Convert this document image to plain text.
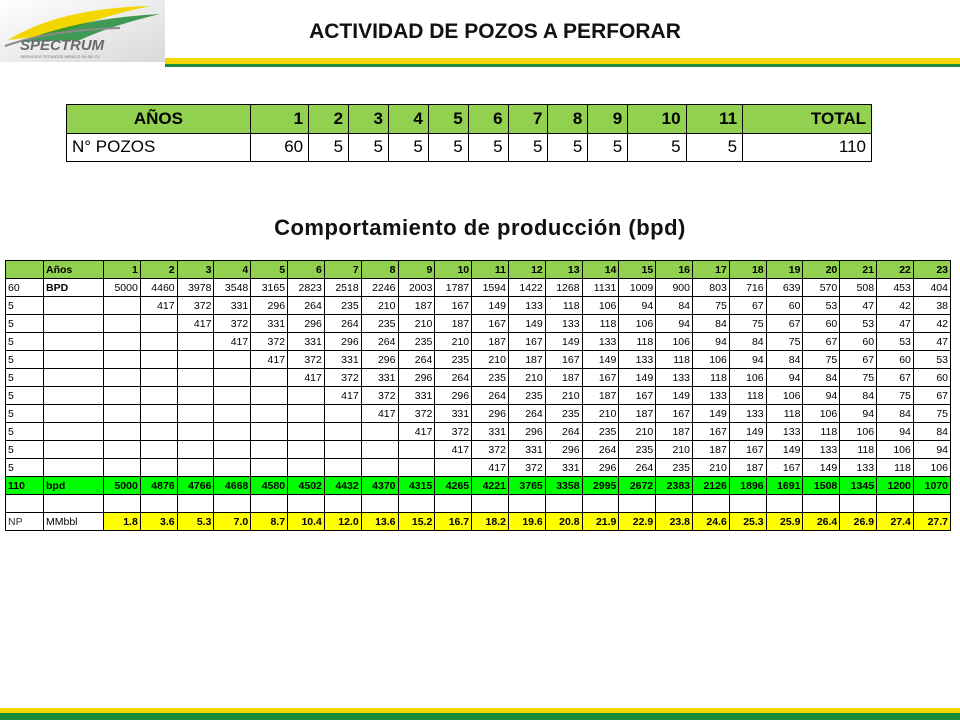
SPECTRUM
SERVICIOS TECNICOS MEXICO SA DE CV
ACTIVIDAD DE POZOS A PERFORAR
AÑOS	1	2	3	4	5	6	7	8	9	10	11	TOTAL
N° POZOS	60	5	5	5	5	5	5	5	5	5	5	110
Comportamiento de producción (bpd)
	Años	1	2	3	4	5	6	7	8	9	10	11	12	13	14	15	16	17	18	19	20	21	22	23
60	BPD	5000	4460	3978	3548	3165	2823	2518	2246	2003	1787	1594	1422	1268	1131	1009	900	803	716	639	570	508	453	404
5			417	372	331	296	264	235	210	187	167	149	133	118	106	94	84	75	67	60	53	47	42	38
5				417	372	331	296	264	235	210	187	167	149	133	118	106	94	84	75	67	60	53	47	42
5					417	372	331	296	264	235	210	187	167	149	133	118	106	94	84	75	67	60	53	47
5						417	372	331	296	264	235	210	187	167	149	133	118	106	94	84	75	67	60	53
5							417	372	331	296	264	235	210	187	167	149	133	118	106	94	84	75	67	60
5								417	372	331	296	264	235	210	187	167	149	133	118	106	94	84	75	67
5									417	372	331	296	264	235	210	187	167	149	133	118	106	94	84	75
5										417	372	331	296	264	235	210	187	167	149	133	118	106	94	84
5											417	372	331	296	264	235	210	187	167	149	133	118	106	94
5												417	372	331	296	264	235	210	187	167	149	133	118	106
110	bpd	5000	4876	4766	4668	4580	4502	4432	4370	4315	4265	4221	3765	3358	2995	2672	2383	2126	1896	1691	1508	1345	1200	1070

NP	MMbbl	1.8	3.6	5.3	7.0	8.7	10.4	12.0	13.6	15.2	16.7	18.2	19.6	20.8	21.9	22.9	23.8	24.6	25.3	25.9	26.4	26.9	27.4	27.7
